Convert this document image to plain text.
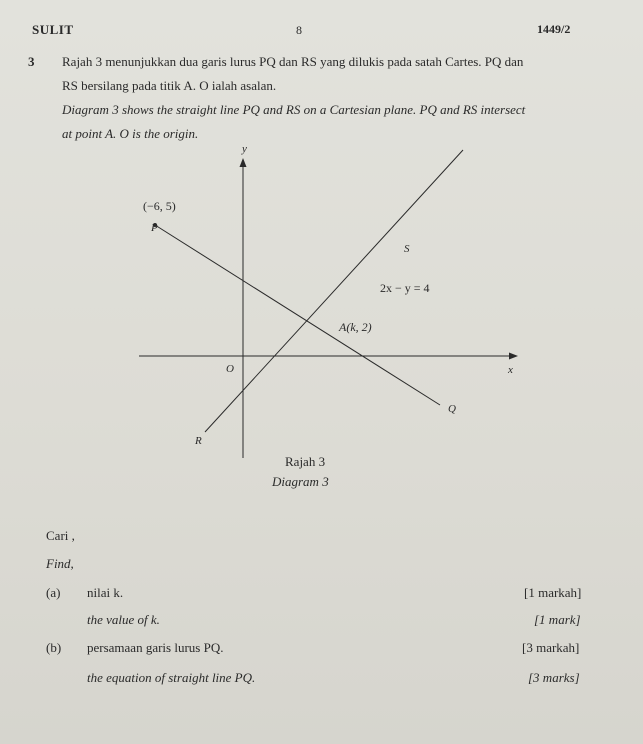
SULIT	8	1449/2
3 Rajah 3 menunjukkan dua garis lurus PQ dan RS yang dilukis pada satah Cartes. PQ dan
RS bersilang pada titik A. O ialah asalan.
Diagram 3 shows the straight line PQ and RS on a Cartesian plane. PQ and RS intersect
at point A. O is the origin.
y
x
O
(−6, 5)
P
S
2x − y = 4
A(k, 2)
Q
R
Rajah 3
Diagram 3
Cari ,
Find,
(a) nilai k.	[1 markah]
the value of k.	[1 mark]
(b) persamaan garis lurus PQ.	[3 markah]
the equation of straight line PQ.	[3 marks]
